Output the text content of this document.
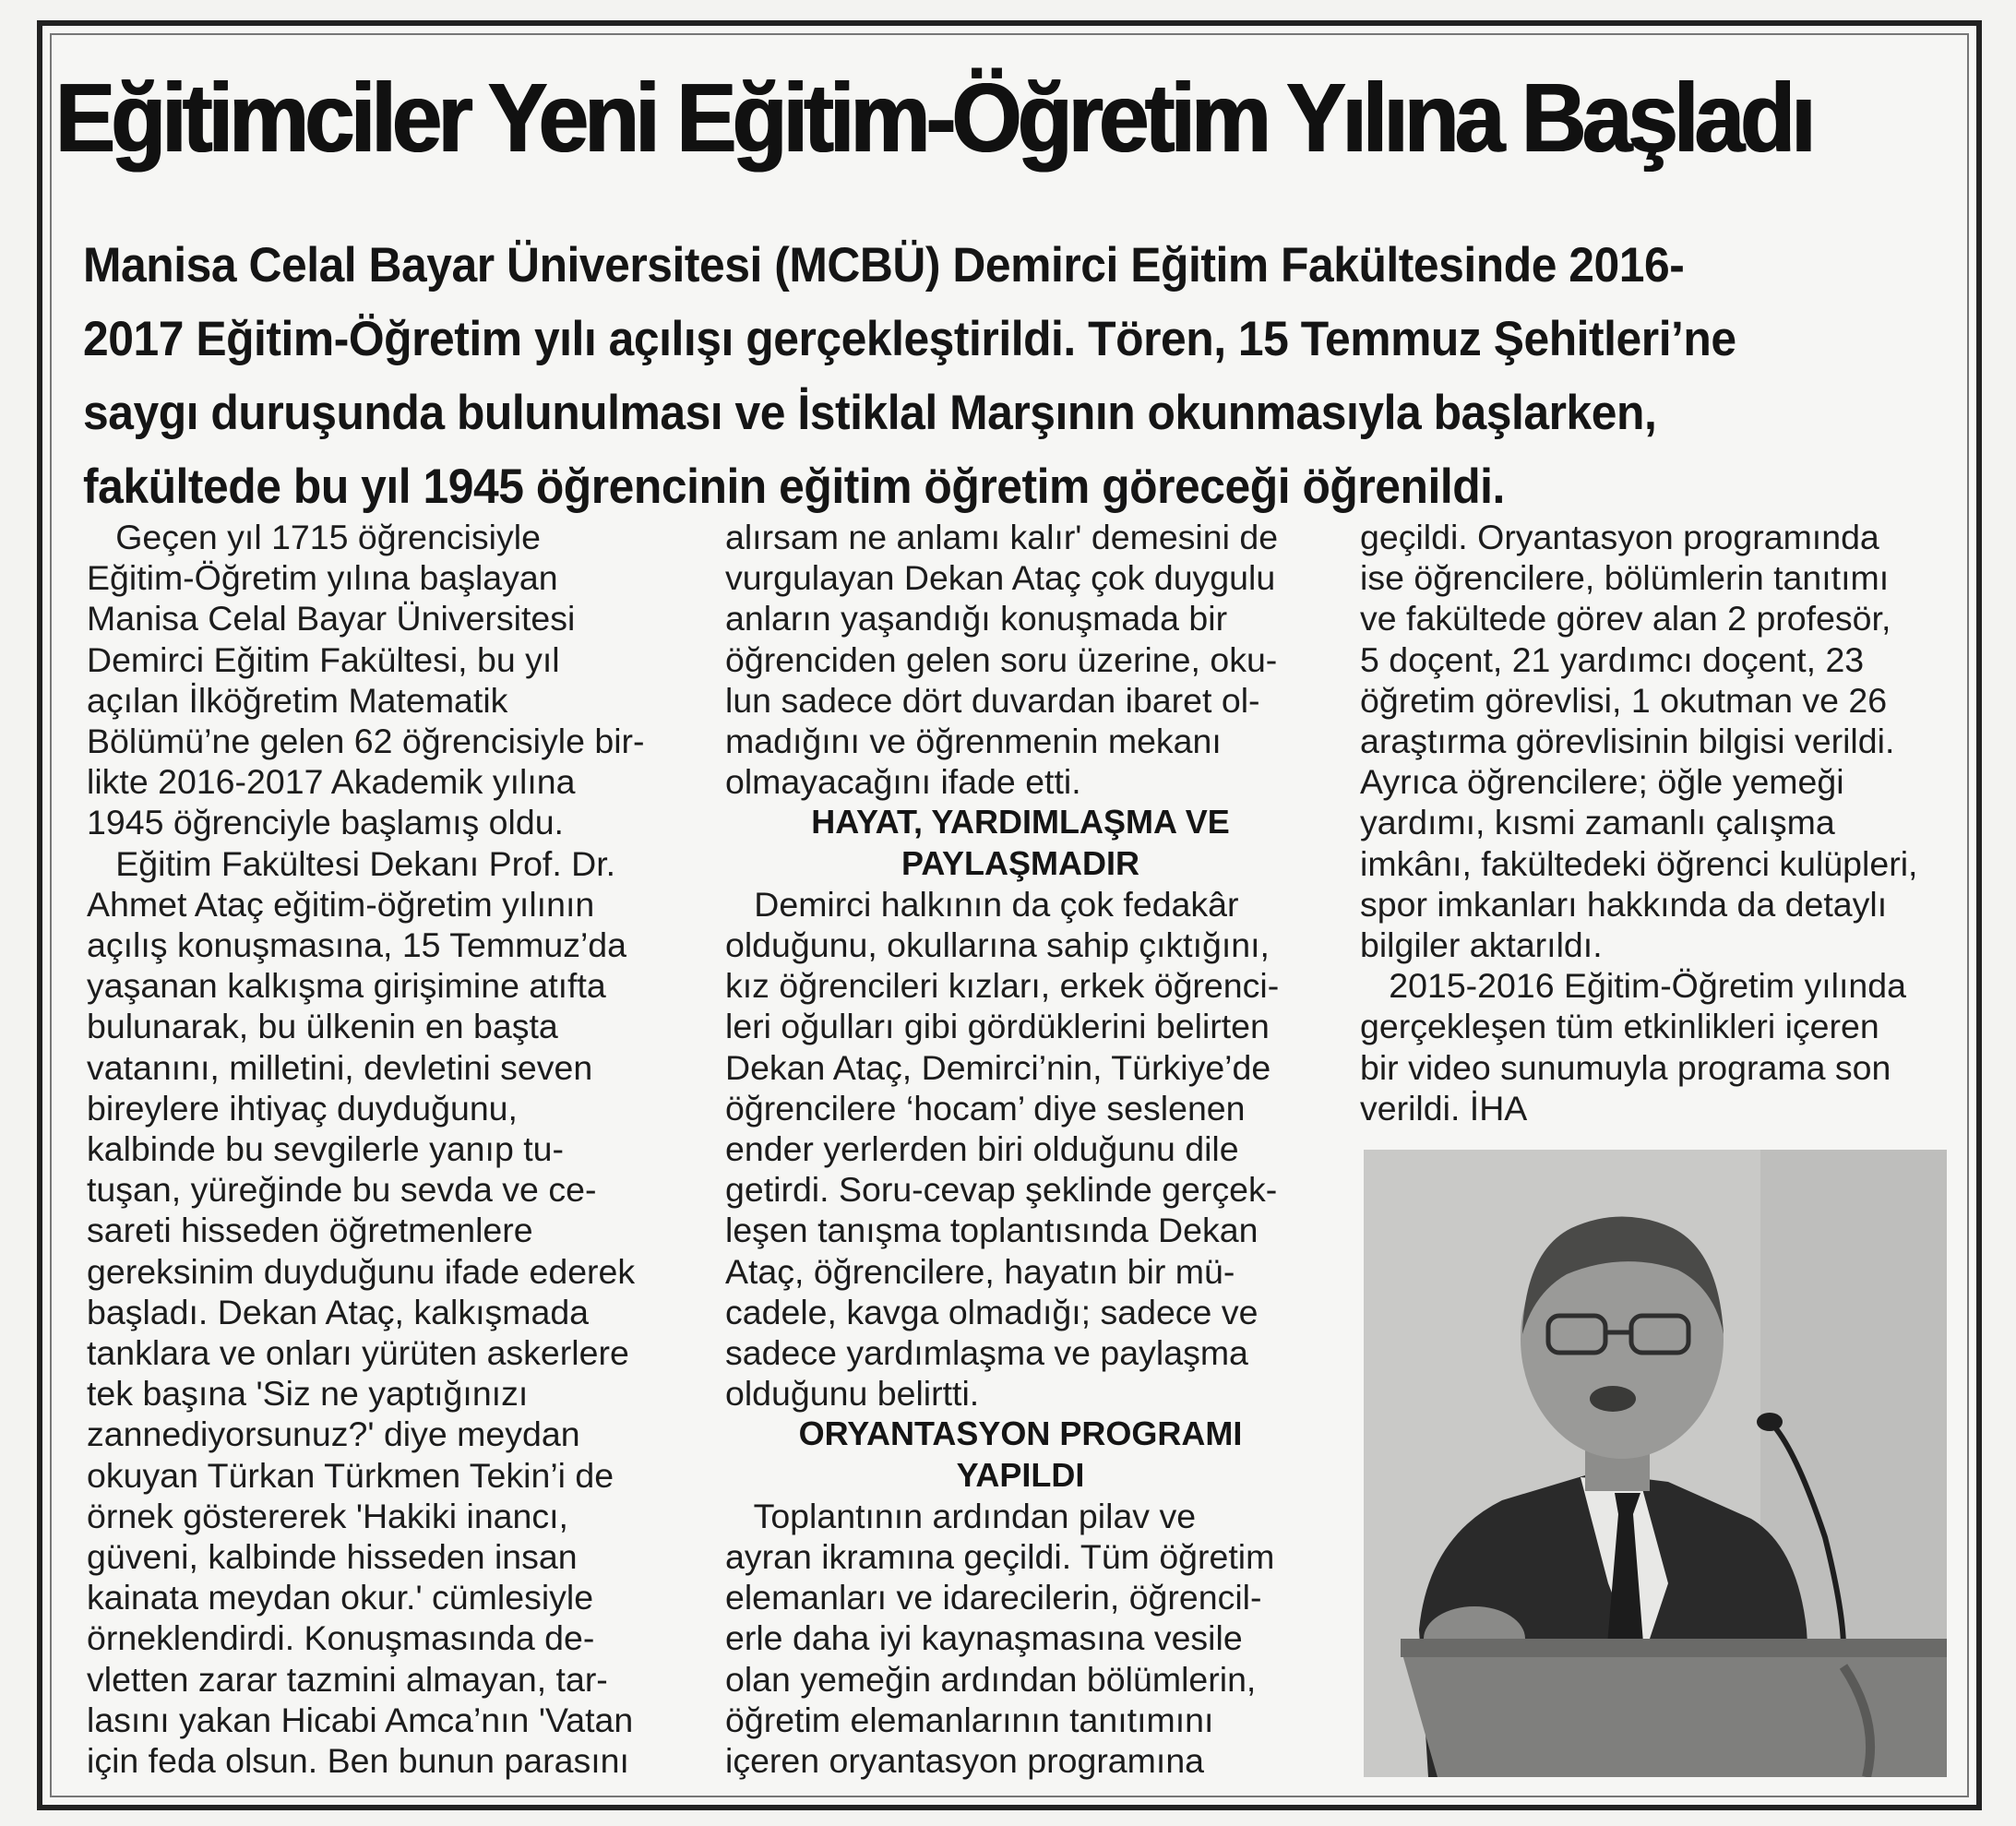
Eğitimciler Yeni Eğitim-Öğretim Yılına Başladı

Manisa Celal Bayar Üniversitesi (MCBÜ) Demirci Eğitim Fakültesinde 2016-

2017 Eğitim-Öğretim yılı açılışı gerçekleştirildi. Tören, 15 Temmuz Şehitleri’ne

saygı duruşunda bulunulması ve İstiklal Marşının okunmasıyla başlarken,

fakültede bu yıl 1945 öğrencinin eğitim öğretim göreceği öğrenildi.

Geçen yıl 1715 öğrencisiyle

Eğitim-Öğretim yılına başlayan

Manisa Celal Bayar Üniversitesi

Demirci Eğitim Fakültesi, bu yıl

açılan İlköğretim Matematik

Bölümü’ne gelen 62 öğrencisiyle bir-

likte 2016-2017 Akademik yılına

1945 öğrenciyle başlamış oldu.

Eğitim Fakültesi Dekanı Prof. Dr.

Ahmet Ataç eğitim-öğretim yılının

açılış konuşmasına, 15 Temmuz’da

yaşanan kalkışma girişimine atıfta

bulunarak, bu ülkenin en başta

vatanını, milletini, devletini seven

bireylere ihtiyaç duyduğunu,

kalbinde bu sevgilerle yanıp tu-

tuşan, yüreğinde bu sevda ve ce-

sareti hisseden öğretmenlere

gereksinim duyduğunu ifade ederek

başladı. Dekan Ataç, kalkışmada

tanklara ve onları yürüten askerlere

tek başına 'Siz ne yaptığınızı

zannediyorsunuz?' diye meydan

okuyan Türkan Türkmen Tekin’i de

örnek göstererek 'Hakiki inancı,

güveni, kalbinde hisseden insan

kainata meydan okur.' cümlesiyle

örneklendirdi. Konuşmasında de-

vletten zarar tazmini almayan, tar-

lasını yakan Hicabi Amca’nın 'Vatan

için feda olsun. Ben bunun parasını

alırsam ne anlamı kalır' demesini de

vurgulayan Dekan Ataç çok duygulu

anların yaşandığı konuşmada bir

öğrenciden gelen soru üzerine, oku-

lun sadece dört duvardan ibaret ol-

madığını ve öğrenmenin mekanı

olmayacağını ifade etti.

HAYAT, YARDIMLAŞMA VE

PAYLAŞMADIR

Demirci halkının da çok fedakâr

olduğunu, okullarına sahip çıktığını,

kız öğrencileri kızları, erkek öğrenci-

leri oğulları gibi gördüklerini belirten

Dekan Ataç, Demirci’nin, Türkiye’de

öğrencilere ‘hocam’ diye seslenen

ender yerlerden biri olduğunu dile

getirdi. Soru-cevap şeklinde gerçek-

leşen tanışma toplantısında Dekan

Ataç, öğrencilere, hayatın bir mü-

cadele, kavga olmadığı; sadece ve

sadece yardımlaşma ve paylaşma

olduğunu belirtti.

ORYANTASYON PROGRAMI

YAPILDI

Toplantının ardından pilav ve

ayran ikramına geçildi. Tüm öğretim

elemanları ve idarecilerin, öğrencil-

erle daha iyi kaynaşmasına vesile

olan yemeğin ardından bölümlerin,

öğretim elemanlarının tanıtımını

içeren oryantasyon programına

geçildi. Oryantasyon programında

ise öğrencilere, bölümlerin tanıtımı

ve fakültede görev alan 2 profesör,

5 doçent, 21 yardımcı doçent, 23

öğretim görevlisi, 1 okutman ve 26

araştırma görevlisinin bilgisi verildi.

Ayrıca öğrencilere; öğle yemeği

yardımı, kısmi zamanlı çalışma

imkânı, fakültedeki öğrenci kulüpleri,

spor imkanları hakkında da detaylı

bilgiler aktarıldı.

2015-2016 Eğitim-Öğretim yılında

gerçekleşen tüm etkinlikleri içeren

bir video sunumuyla programa son

verildi. İHA
